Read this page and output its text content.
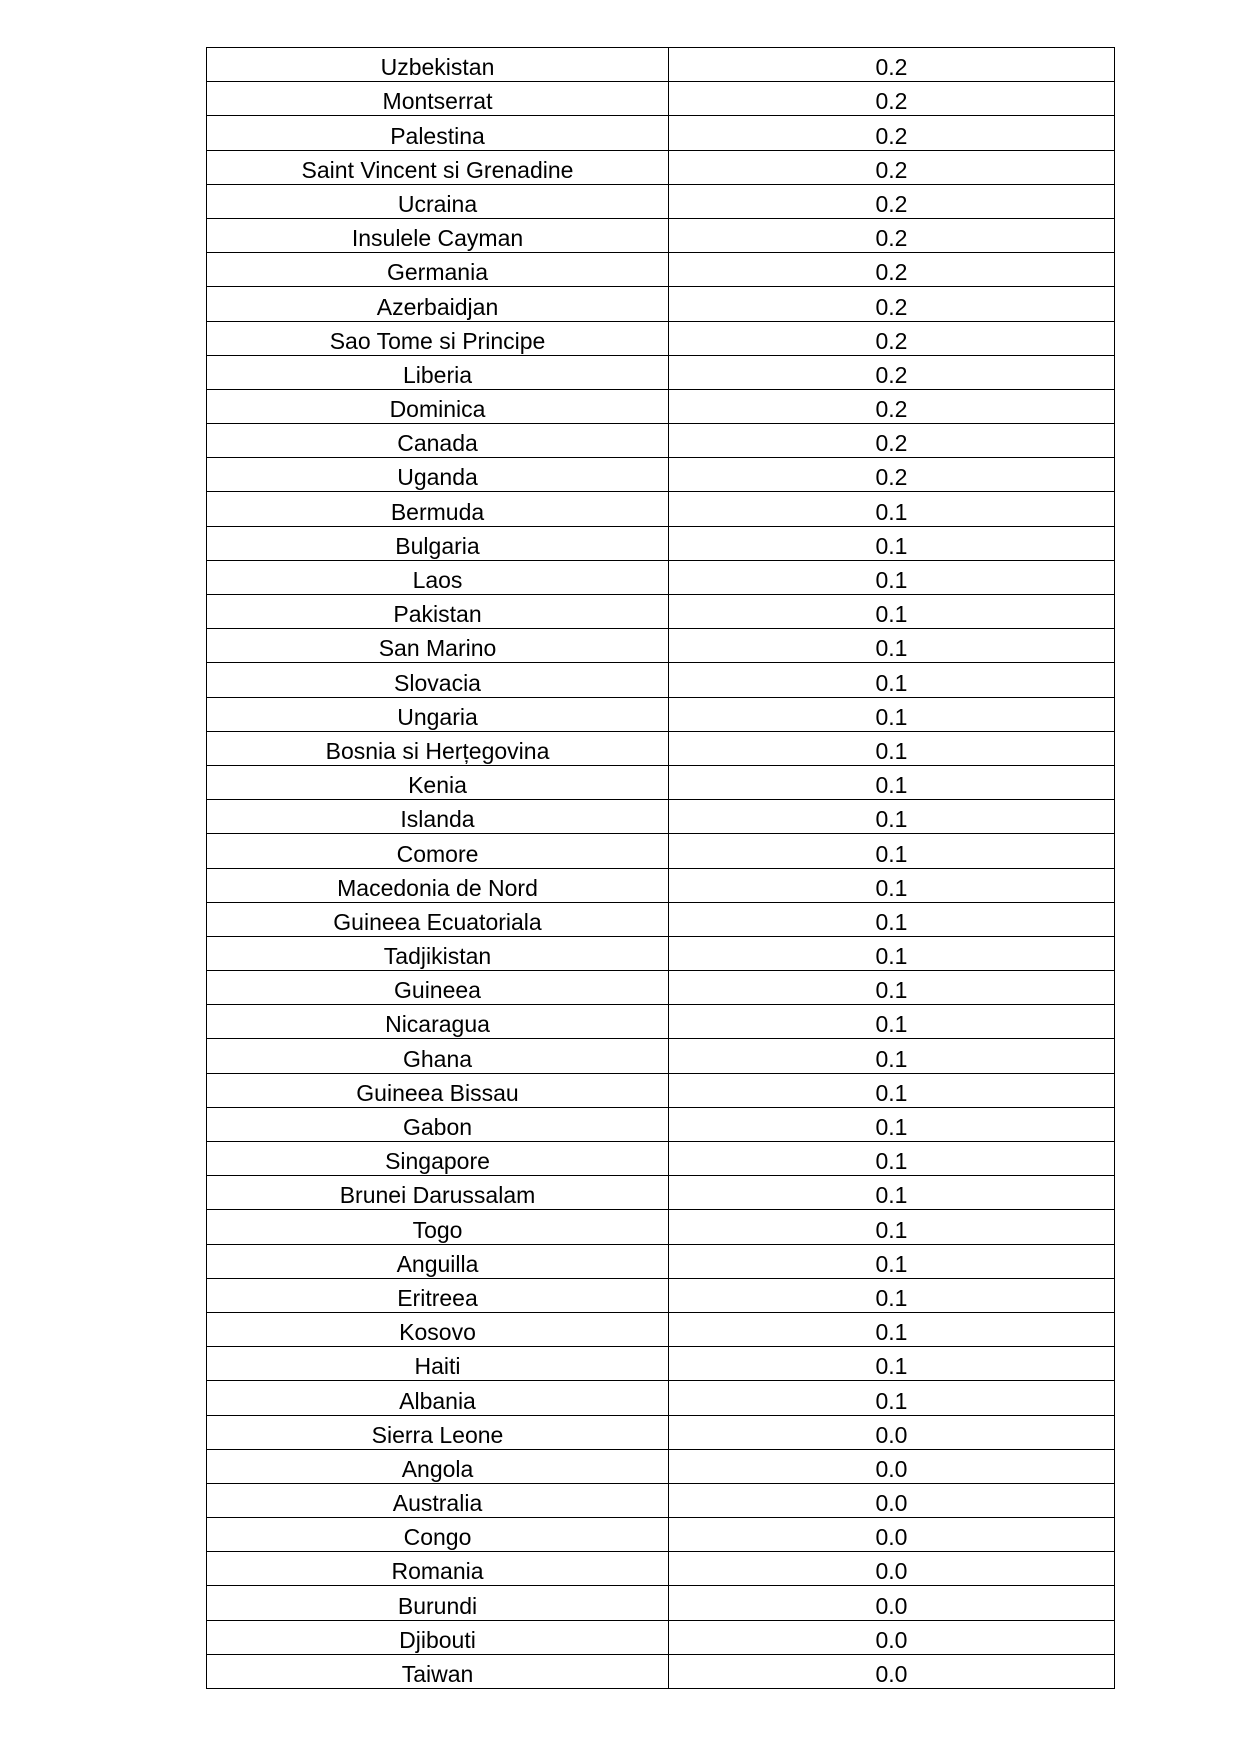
Uzbekistan	0.2
Montserrat	0.2
Palestina	0.2
Saint Vincent si Grenadine	0.2
Ucraina	0.2
Insulele Cayman	0.2
Germania	0.2
Azerbaidjan	0.2
Sao Tome si Principe	0.2
Liberia	0.2
Dominica	0.2
Canada	0.2
Uganda	0.2
Bermuda	0.1
Bulgaria	0.1
Laos	0.1
Pakistan	0.1
San Marino	0.1
Slovacia	0.1
Ungaria	0.1
Bosnia si Herțegovina	0.1
Kenia	0.1
Islanda	0.1
Comore	0.1
Macedonia de Nord	0.1
Guineea Ecuatoriala	0.1
Tadjikistan	0.1
Guineea	0.1
Nicaragua	0.1
Ghana	0.1
Guineea Bissau	0.1
Gabon	0.1
Singapore	0.1
Brunei Darussalam	0.1
Togo	0.1
Anguilla	0.1
Eritreea	0.1
Kosovo	0.1
Haiti	0.1
Albania	0.1
Sierra Leone	0.0
Angola	0.0
Australia	0.0
Congo	0.0
Romania	0.0
Burundi	0.0
Djibouti	0.0
Taiwan	0.0
